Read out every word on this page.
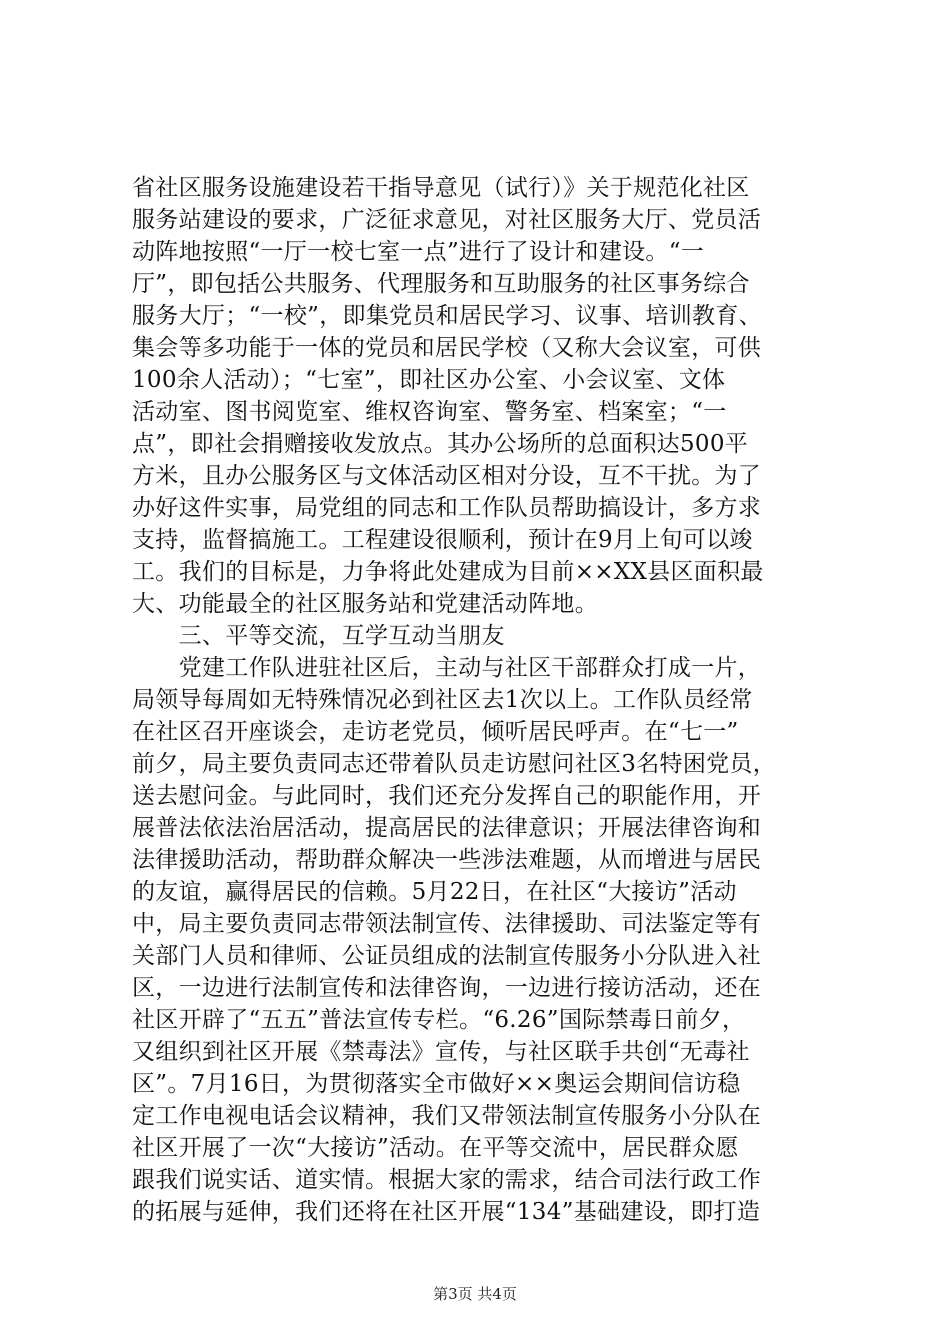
省社区服务设施建设若干指导意见（试行）》关于规范化社区
服务站建设的要求，广泛征求意见，对社区服务大厅、党员活
动阵地按照“一厅一校七室一点”进行了设计和建设。“一
厅”，即包括公共服务、代理服务和互助服务的社区事务综合
服务大厅；“一校”，即集党员和居民学习、议事、培训教育、
集会等多功能于一体的党员和居民学校（又称大会议室，可供
100余人活动）；“七室”，即社区办公室、小会议室、文体
活动室、图书阅览室、维权咨询室、警务室、档案室；“一
点”，即社会捐赠接收发放点。其办公场所的总面积达500平
方米，且办公服务区与文体活动区相对分设，互不干扰。为了
办好这件实事，局党组的同志和工作队员帮助搞设计，多方求
支持，监督搞施工。工程建设很顺利，预计在9月上旬可以竣
工。我们的目标是，力争将此处建成为目前××XX县区面积最
大、功能最全的社区服务站和党建活动阵地。
　　三、平等交流，互学互动当朋友
　　党建工作队进驻社区后，主动与社区干部群众打成一片，
局领导每周如无特殊情况必到社区去1次以上。工作队员经常
在社区召开座谈会，走访老党员，倾听居民呼声。在“七一”
前夕，局主要负责同志还带着队员走访慰问社区3名特困党员，
送去慰问金。与此同时，我们还充分发挥自己的职能作用，开
展普法依法治居活动，提高居民的法律意识；开展法律咨询和
法律援助活动，帮助群众解决一些涉法难题，从而增进与居民
的友谊，赢得居民的信赖。5月22日，在社区“大接访”活动
中，局主要负责同志带领法制宣传、法律援助、司法鉴定等有
关部门人员和律师、公证员组成的法制宣传服务小分队进入社
区，一边进行法制宣传和法律咨询，一边进行接访活动，还在
社区开辟了“五五”普法宣传专栏。“6.26”国际禁毒日前夕，
又组织到社区开展《禁毒法》宣传，与社区联手共创“无毒社
区”。7月16日，为贯彻落实全市做好××奥运会期间信访稳
定工作电视电话会议精神，我们又带领法制宣传服务小分队在
社区开展了一次“大接访”活动。在平等交流中，居民群众愿
跟我们说实话、道实情。根据大家的需求，结合司法行政工作
的拓展与延伸，我们还将在社区开展“134”基础建设，即打造
第3页 共4页
